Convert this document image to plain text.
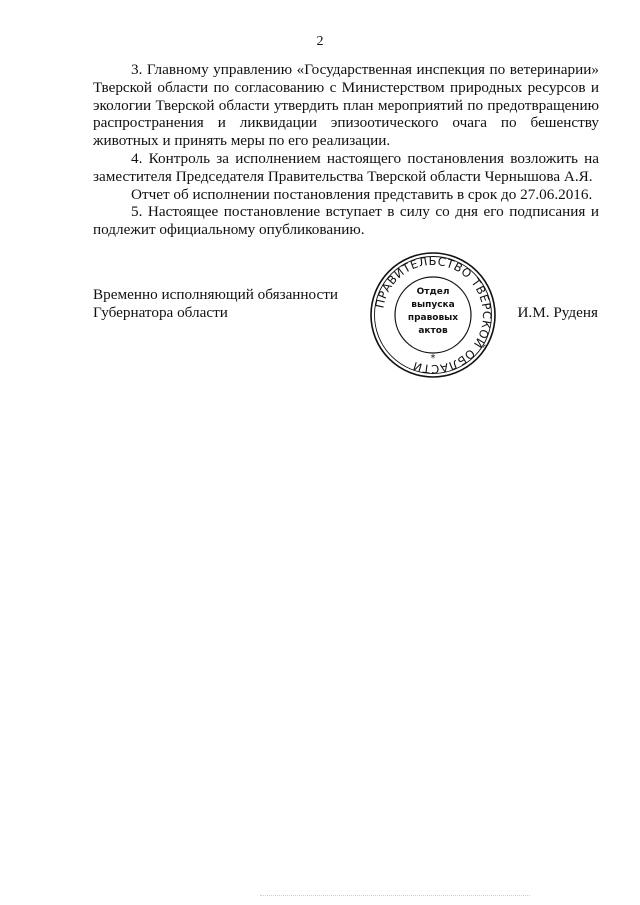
2

3. Главному управлению «Государственная инспекция по ветеринарии» Тверской области по согласованию с Министерством природных ресурсов и экологии Тверской области утвердить план мероприятий по предотвращению распространения и ликвидации эпизоотического очага по бешенству животных и принять меры по его реализации.

4. Контроль за исполнением настоящего постановления возложить на заместителя Председателя Правительства Тверской области Чернышова А.Я.

Отчет об исполнении постановления представить в срок до 27.06.2016.

5. Настоящее постановление вступает в силу со дня его подписания и подлежит официальному опубликованию.

Временно исполняющий обязанности
Губернатора области
ПРАВИТЕЛЬСТВО ТВЕРСКОЙ ОБЛАСТИ
Отдел
выпуска
правовых
актов
*
И.М. Руденя
